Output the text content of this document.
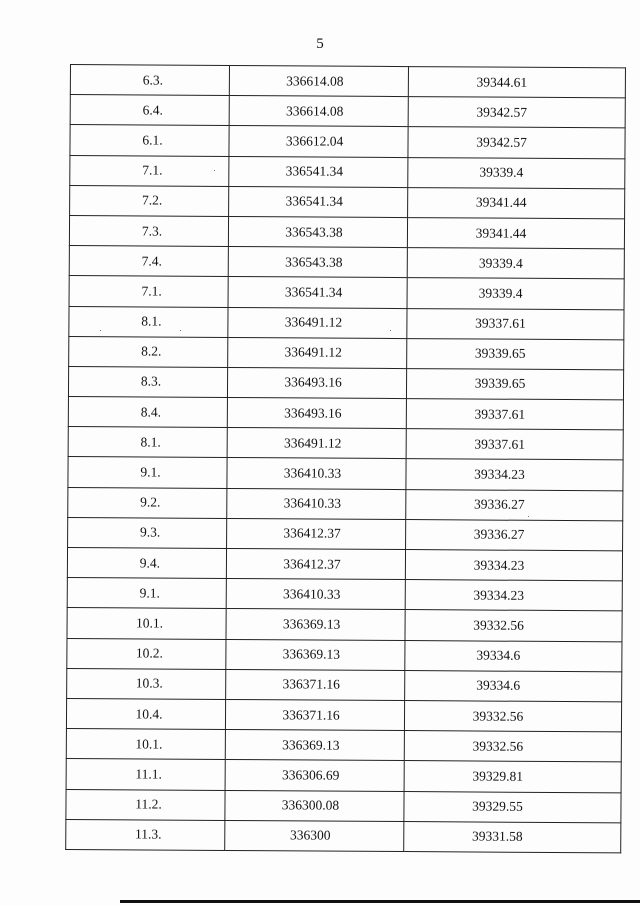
5
6.3.	336614.08	39344.61
6.4.	336614.08	39342.57
6.1.	336612.04	39342.57
7.1.	336541.34	39339.4
7.2.	336541.34	39341.44
7.3.	336543.38	39341.44
7.4.	336543.38	39339.4
7.1.	336541.34	39339.4
8.1.	336491.12	39337.61
8.2.	336491.12	39339.65
8.3.	336493.16	39339.65
8.4.	336493.16	39337.61
8.1.	336491.12	39337.61
9.1.	336410.33	39334.23
9.2.	336410.33	39336.27
9.3.	336412.37	39336.27
9.4.	336412.37	39334.23
9.1.	336410.33	39334.23
10.1.	336369.13	39332.56
10.2.	336369.13	39334.6
10.3.	336371.16	39334.6
10.4.	336371.16	39332.56
10.1.	336369.13	39332.56
11.1.	336306.69	39329.81
11.2.	336300.08	39329.55
11.3.	336300	39331.58
